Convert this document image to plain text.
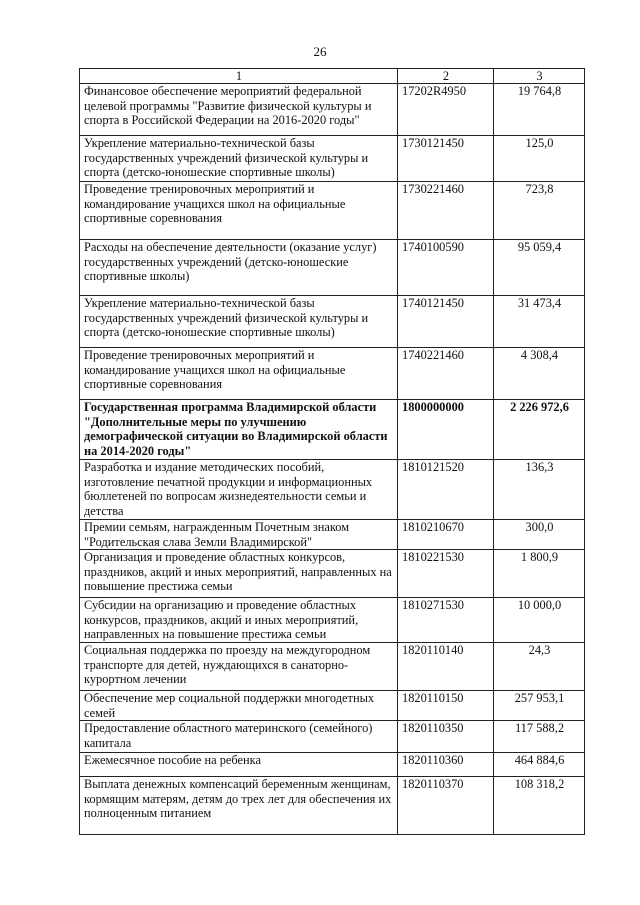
26
1	2	3
Финансовое обеспечение мероприятий федеральной целевой программы "Развитие физической культуры и спорта в Российской Федерации на 2016-2020 годы"	17202R4950	19 764,8
Укрепление материально-технической базы государственных учреждений физической культуры и спорта (детско-юношеские спортивные школы)	1730121450	125,0
Проведение тренировочных мероприятий и командирование учащихся школ на официальные спортивные соревнования	1730221460	723,8
Расходы на обеспечение деятельности (оказание услуг) государственных учреждений (детско-юношеские спортивные школы)	1740100590	95 059,4
Укрепление материально-технической базы государственных учреждений физической культуры и спорта (детско-юношеские спортивные школы)	1740121450	31 473,4
Проведение тренировочных мероприятий и командирование учащихся школ на официальные спортивные соревнования	1740221460	4 308,4
Государственная программа Владимирской области "Дополнительные меры по улучшению демографической ситуации во Владимирской области на 2014-2020 годы"	1800000000	2 226 972,6
Разработка и издание методических пособий, изготовление печатной продукции и информационных бюллетеней по вопросам жизнедеятельности семьи и детства	1810121520	136,3
Премии семьям, награжденным Почетным знаком "Родительская слава Земли Владимирской"	1810210670	300,0
Организация и проведение областных конкурсов, праздников, акций и иных мероприятий, направленных на повышение престижа семьи	1810221530	1 800,9
Субсидии на организацию и проведение областных конкурсов, праздников, акций и иных мероприятий, направленных на повышение престижа семьи	1810271530	10 000,0
Социальная поддержка по проезду на междугородном транспорте для детей, нуждающихся в санаторно-курортном лечении	1820110140	24,3
Обеспечение мер социальной поддержки многодетных семей	1820110150	257 953,1
Предоставление областного материнского (семейного) капитала	1820110350	117 588,2
Ежемесячное пособие на ребенка	1820110360	464 884,6
Выплата денежных компенсаций беременным женщинам, кормящим матерям, детям до трех лет для обеспечения их полноценным питанием	1820110370	108 318,2
